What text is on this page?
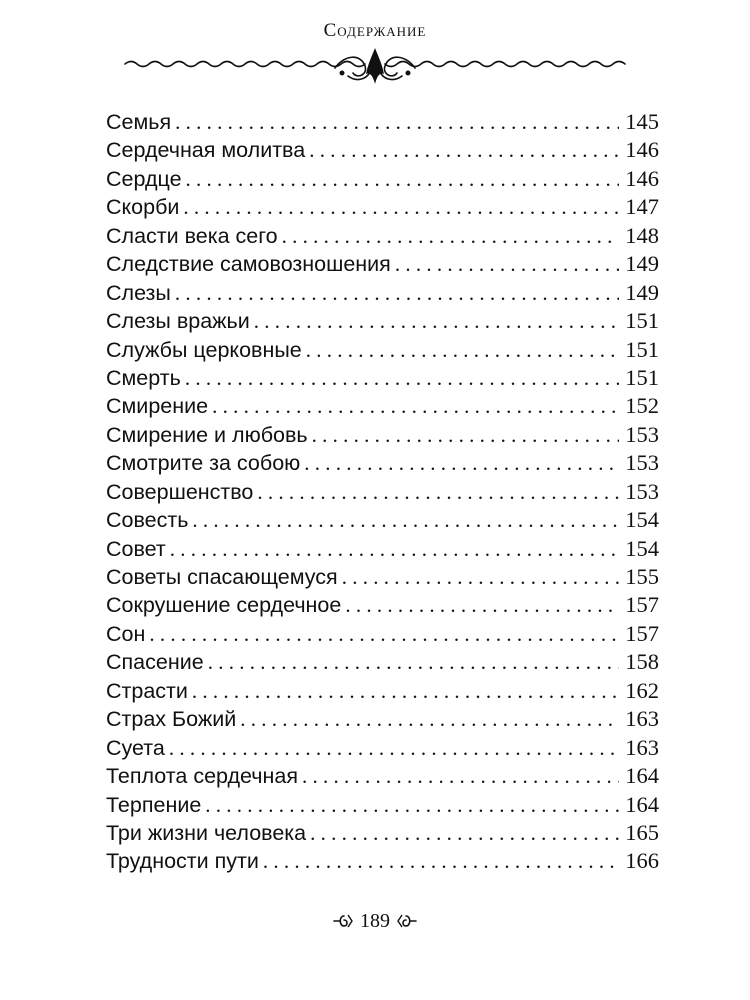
Содержание
Семья . . .	145
Сердечная молитва . . .	146
Сердце . . .	146
Скорби . . .	147
Сласти века сего . . .	148
Следствие самовозношения . . .	149
Слезы . . .	149
Слезы вражьи . . .	151
Службы церковные . . .	151
Смерть . . .	151
Смирение . . .	152
Смирение и любовь . . .	153
Смотрите за собою . . .	153
Совершенство . . .	153
Совесть . . .	154
Совет . . .	154
Советы спасающемуся . . .	155
Сокрушение сердечное . . .	157
Сон . . .	157
Спасение . . .	158
Страсти . . .	162
Страх Божий . . .	163
Суета . . .	163
Теплота сердечная . . .	164
Терпение . . .	164
Три жизни человека . . .	165
Трудности пути . . .	166
189
